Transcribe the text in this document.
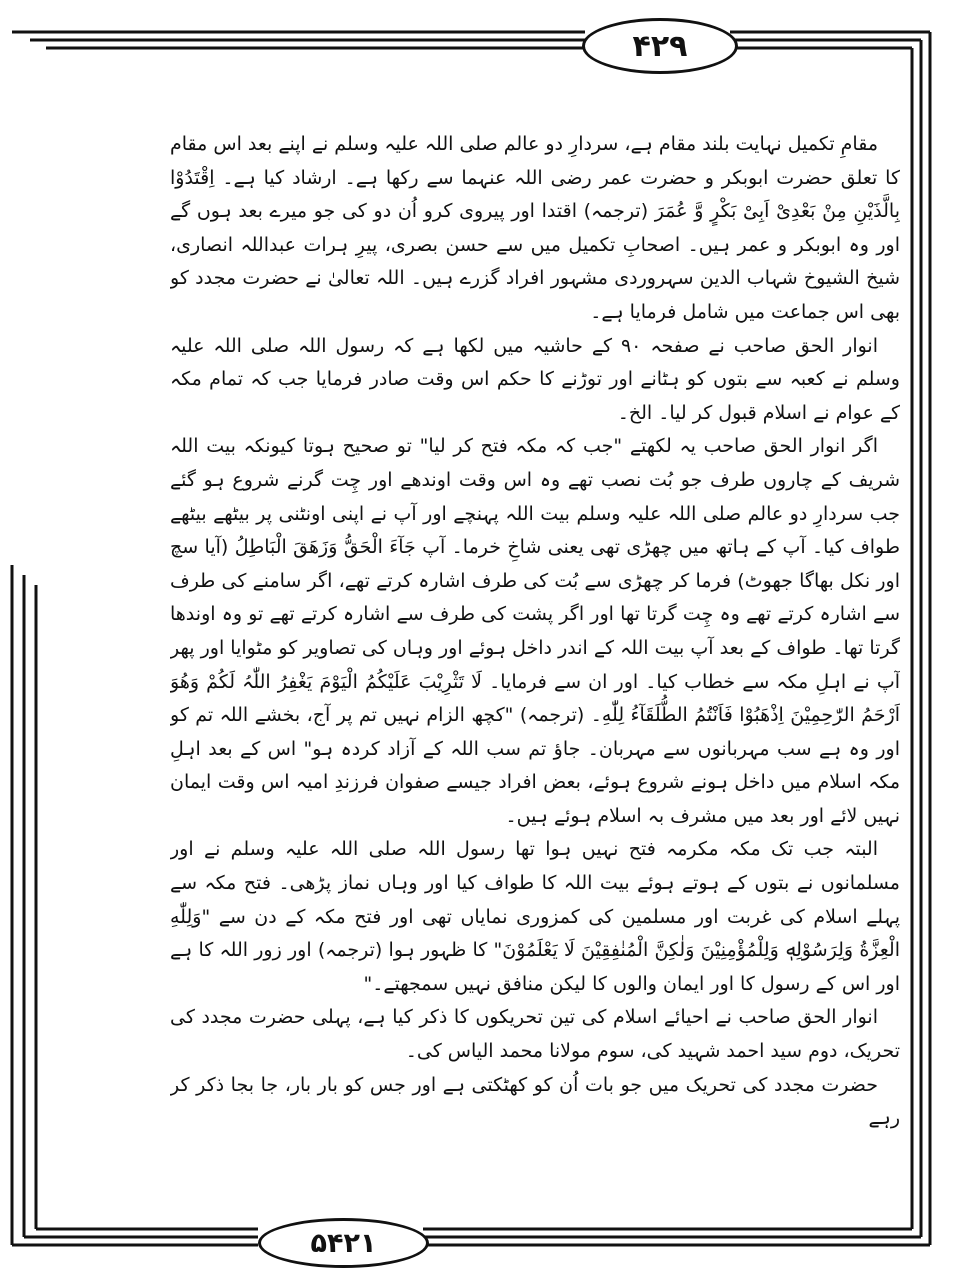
۴۲۹

مقامِ تکمیل نہایت بلند مقام ہے، سردارِ دو عالم صلی اللہ علیہ وسلم نے اپنے بعد اس مقام کا تعلق حضرت ابوبکر و حضرت عمر رضی اللہ عنہما سے رکھا ہے۔ ارشاد کیا ہے۔ اِقْتَدُوْا بِالَّذَیْنِ مِنْ بَعْدِیْ اَبِیْ بَکْرٍ وَّ عُمَرَ (ترجمہ) اقتدا اور پیروی کرو اُن دو کی جو میرے بعد ہوں گے اور وہ ابوبکر و عمر ہیں۔ اصحابِ تکمیل میں سے حسن بصری، پیرِ ہرات عبداللہ انصاری، شیخ الشیوخ شہاب الدین سہروردی مشہور افراد گزرے ہیں۔ اللہ تعالیٰ نے حضرت مجدد کو بھی اس جماعت میں شامل فرمایا ہے۔

انوار الحق صاحب نے صفحہ ۹۰ کے حاشیہ میں لکھا ہے کہ رسول اللہ صلی اللہ علیہ وسلم نے کعبہ سے بتوں کو ہٹانے اور توڑنے کا حکم اس وقت صادر فرمایا جب کہ تمام مکہ کے عوام نے اسلام قبول کر لیا۔ الخ۔

اگر انوار الحق صاحب یہ لکھتے "جب کہ مکہ فتح کر لیا" تو صحیح ہوتا کیونکہ بیت اللہ شریف کے چاروں طرف جو بُت نصب تھے وہ اس وقت اوندھے اور چِت گرنے شروع ہو گئے جب سردارِ دو عالم صلی اللہ علیہ وسلم بیت اللہ پہنچے اور آپ نے اپنی اونٹنی پر بیٹھے بیٹھے طواف کیا۔ آپ کے ہاتھ میں چھڑی تھی یعنی شاخِ خرما۔ آپ جَآءَ الْحَقُّ وَزَهَقَ الْبَاطِلُ (آیا سچ اور نکل بھاگا جھوٹ) فرما کر چھڑی سے بُت کی طرف اشارہ کرتے تھے، اگر سامنے کی طرف سے اشارہ کرتے تھے وہ چِت گرتا تھا اور اگر پشت کی طرف سے اشارہ کرتے تھے تو وہ اوندھا گرتا تھا۔ طواف کے بعد آپ بیت اللہ کے اندر داخل ہوئے اور وہاں کی تصاویر کو مٹوایا اور پھر آپ نے اہلِ مکہ سے خطاب کیا۔ اور ان سے فرمایا۔ لَا تَثْرِیْبَ عَلَیْکُمُ الْیَوْمَ یَغْفِرُ اللّٰہُ لَکُمْ وَهُوَ اَرْحَمُ الرّٰحِمِیْنَ اِذْهَبُوْا فَاَنْتُمُ الطُّلَقَآءُ لِلّٰهِ۔ (ترجمہ) "کچھ الزام نہیں تم پر آج، بخشے اللہ تم کو اور وہ ہے سب مہربانوں سے مہربان۔ جاؤ تم سب اللہ کے آزاد کردہ ہو" اس کے بعد اہلِ مکہ اسلام میں داخل ہونے شروع ہوئے، بعض افراد جیسے صفوان فرزندِ امیہ اس وقت ایمان نہیں لائے اور بعد میں مشرف بہ اسلام ہوئے ہیں۔

البتہ جب تک مکہ مکرمہ فتح نہیں ہوا تھا رسول اللہ صلی اللہ علیہ وسلم نے اور مسلمانوں نے بتوں کے ہوتے ہوئے بیت اللہ کا طواف کیا اور وہاں نماز پڑھی۔ فتح مکہ سے پہلے اسلام کی غربت اور مسلمین کی کمزوری نمایاں تھی اور فتح مکہ کے دن سے "وَلِلّٰهِ الْعِزَّةُ وَلِرَسُوْلِهٖ وَلِلْمُؤْمِنِیْنَ وَلٰكِنَّ الْمُنٰفِقِیْنَ لَا یَعْلَمُوْنَ" کا ظہور ہوا (ترجمہ) اور زور اللہ کا ہے اور اس کے رسول کا اور ایمان والوں کا لیکن منافق نہیں سمجھتے۔"

انوار الحق صاحب نے احیائے اسلام کی تین تحریکوں کا ذکر کیا ہے، پہلی حضرت مجدد کی تحریک، دوم سید احمد شہید کی، سوم مولانا محمد الیاس کی۔

حضرت مجدد کی تحریک میں جو بات اُن کو کھٹکتی ہے اور جس کو بار بار، جا بجا ذکر کر رہے

۵۴۲۱
